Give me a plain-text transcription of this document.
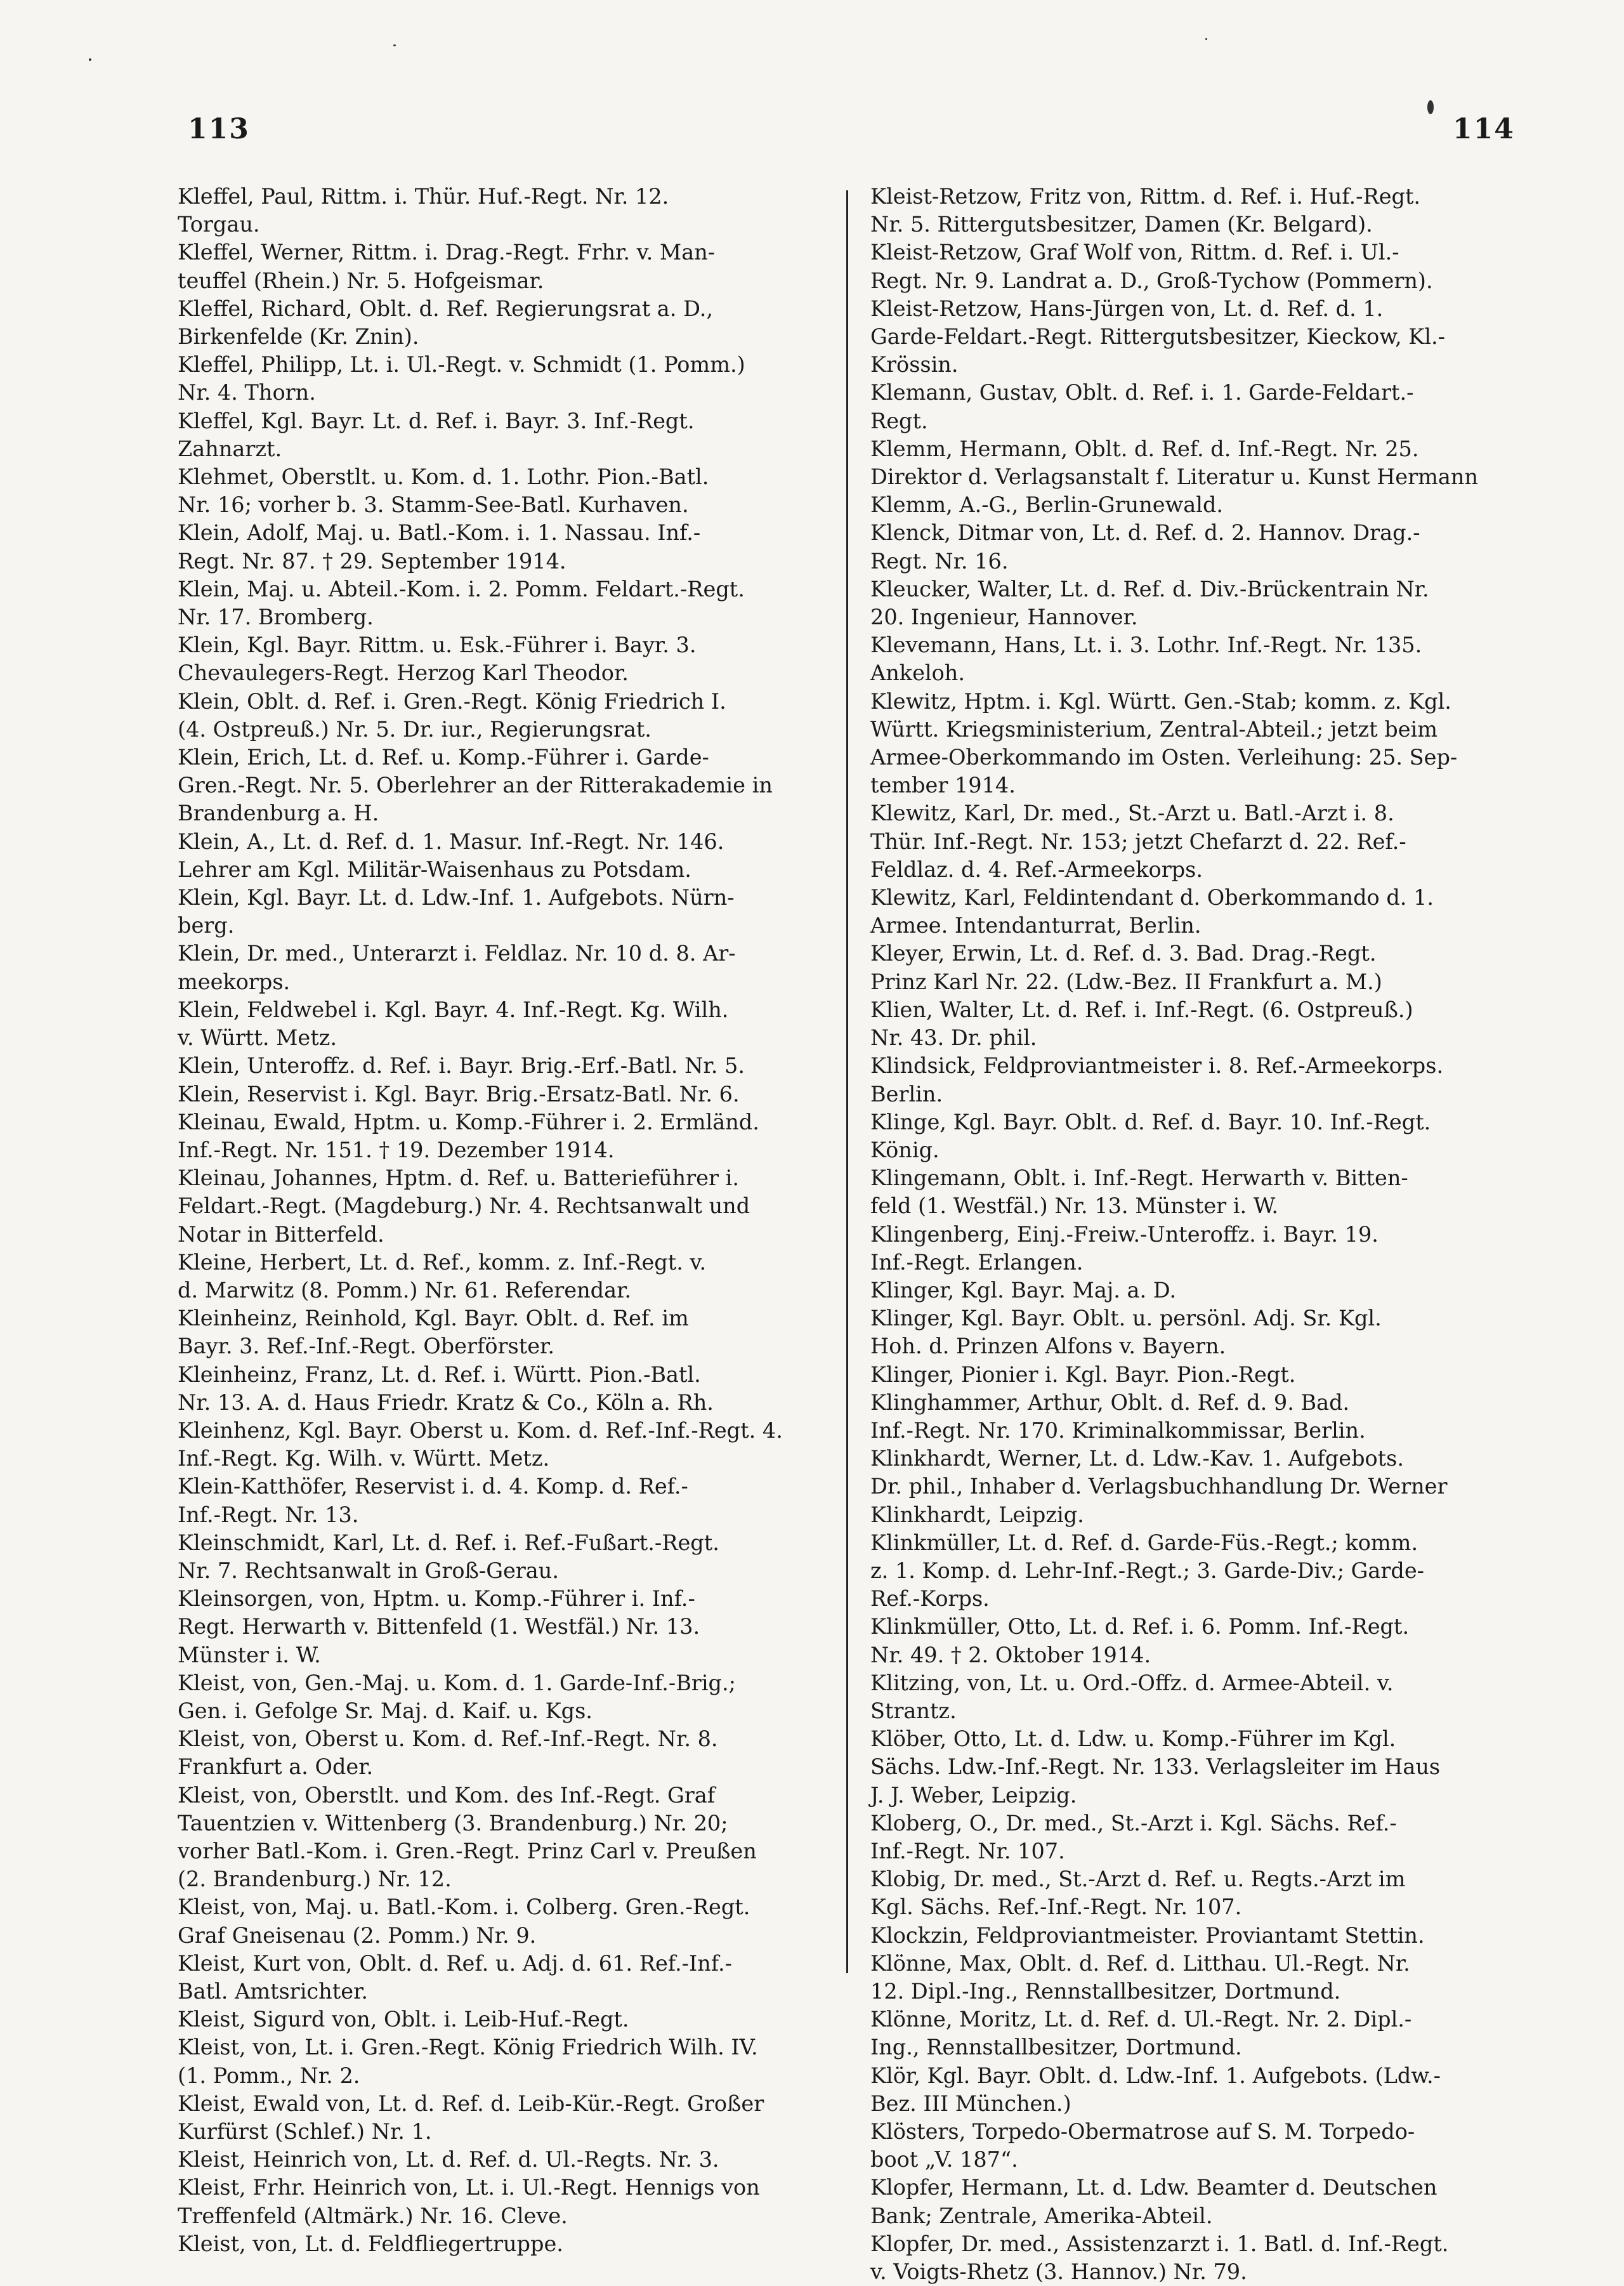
113	114
Kleffel, Paul, Rittm. i. Thür. Huf.-Regt. Nr. 12.
Torgau.
Kleffel, Werner, Rittm. i. Drag.-Regt. Frhr. v. Man-
teuffel (Rhein.) Nr. 5. Hofgeismar.
Kleffel, Richard, Oblt. d. Ref. Regierungsrat a. D.,
Birkenfelde (Kr. Znin).
Kleffel, Philipp, Lt. i. Ul.-Regt. v. Schmidt (1. Pomm.)
Nr. 4. Thorn.
Kleffel, Kgl. Bayr. Lt. d. Ref. i. Bayr. 3. Inf.-Regt.
Zahnarzt.
Klehmet, Oberstlt. u. Kom. d. 1. Lothr. Pion.-Batl.
Nr. 16; vorher b. 3. Stamm-See-Batl. Kurhaven.
Klein, Adolf, Maj. u. Batl.-Kom. i. 1. Nassau. Inf.-
Regt. Nr. 87. † 29. September 1914.
Klein, Maj. u. Abteil.-Kom. i. 2. Pomm. Feldart.-Regt.
Nr. 17. Bromberg.
Klein, Kgl. Bayr. Rittm. u. Esk.-Führer i. Bayr. 3.
Chevaulegers-Regt. Herzog Karl Theodor.
Klein, Oblt. d. Ref. i. Gren.-Regt. König Friedrich I.
(4. Ostpreuß.) Nr. 5. Dr. iur., Regierungsrat.
Klein, Erich, Lt. d. Ref. u. Komp.-Führer i. Garde-
Gren.-Regt. Nr. 5. Oberlehrer an der Ritterakademie in
Brandenburg a. H.
Klein, A., Lt. d. Ref. d. 1. Masur. Inf.-Regt. Nr. 146.
Lehrer am Kgl. Militär-Waisenhaus zu Potsdam.
Klein, Kgl. Bayr. Lt. d. Ldw.-Inf. 1. Aufgebots. Nürn-
berg.
Klein, Dr. med., Unterarzt i. Feldlaz. Nr. 10 d. 8. Ar-
meekorps.
Klein, Feldwebel i. Kgl. Bayr. 4. Inf.-Regt. Kg. Wilh.
v. Württ. Metz.
Klein, Unteroffz. d. Ref. i. Bayr. Brig.-Erf.-Batl. Nr. 5.
Klein, Reservist i. Kgl. Bayr. Brig.-Ersatz-Batl. Nr. 6.
Kleinau, Ewald, Hptm. u. Komp.-Führer i. 2. Ermländ.
Inf.-Regt. Nr. 151. † 19. Dezember 1914.
Kleinau, Johannes, Hptm. d. Ref. u. Batterieführer i.
Feldart.-Regt. (Magdeburg.) Nr. 4. Rechtsanwalt und
Notar in Bitterfeld.
Kleine, Herbert, Lt. d. Ref., komm. z. Inf.-Regt. v.
d. Marwitz (8. Pomm.) Nr. 61. Referendar.
Kleinheinz, Reinhold, Kgl. Bayr. Oblt. d. Ref. im
Bayr. 3. Ref.-Inf.-Regt. Oberförster.
Kleinheinz, Franz, Lt. d. Ref. i. Württ. Pion.-Batl.
Nr. 13. A. d. Haus Friedr. Kratz & Co., Köln a. Rh.
Kleinhenz, Kgl. Bayr. Oberst u. Kom. d. Ref.-Inf.-Regt. 4.
Inf.-Regt. Kg. Wilh. v. Württ. Metz.
Klein-Katthöfer, Reservist i. d. 4. Komp. d. Ref.-
Inf.-Regt. Nr. 13.
Kleinschmidt, Karl, Lt. d. Ref. i. Ref.-Fußart.-Regt.
Nr. 7. Rechtsanwalt in Groß-Gerau.
Kleinsorgen, von, Hptm. u. Komp.-Führer i. Inf.-
Regt. Herwarth v. Bittenfeld (1. Westfäl.) Nr. 13.
Münster i. W.
Kleist, von, Gen.-Maj. u. Kom. d. 1. Garde-Inf.-Brig.;
Gen. i. Gefolge Sr. Maj. d. Kaif. u. Kgs.
Kleist, von, Oberst u. Kom. d. Ref.-Inf.-Regt. Nr. 8.
Frankfurt a. Oder.
Kleist, von, Oberstlt. und Kom. des Inf.-Regt. Graf
Tauentzien v. Wittenberg (3. Brandenburg.) Nr. 20;
vorher Batl.-Kom. i. Gren.-Regt. Prinz Carl v. Preußen
(2. Brandenburg.) Nr. 12.
Kleist, von, Maj. u. Batl.-Kom. i. Colberg. Gren.-Regt.
Graf Gneisenau (2. Pomm.) Nr. 9.
Kleist, Kurt von, Oblt. d. Ref. u. Adj. d. 61. Ref.-Inf.-
Batl. Amtsrichter.
Kleist, Sigurd von, Oblt. i. Leib-Huf.-Regt.
Kleist, von, Lt. i. Gren.-Regt. König Friedrich Wilh. IV.
(1. Pomm., Nr. 2.
Kleist, Ewald von, Lt. d. Ref. d. Leib-Kür.-Regt. Großer
Kurfürst (Schlef.) Nr. 1.
Kleist, Heinrich von, Lt. d. Ref. d. Ul.-Regts. Nr. 3.
Kleist, Frhr. Heinrich von, Lt. i. Ul.-Regt. Hennigs von
Treffenfeld (Altmärk.) Nr. 16. Cleve.
Kleist, von, Lt. d. Feldfliegertruppe.
Kleist-Retzow, Fritz von, Rittm. d. Ref. i. Huf.-Regt.
Nr. 5. Rittergutsbesitzer, Damen (Kr. Belgard).
Kleist-Retzow, Graf Wolf von, Rittm. d. Ref. i. Ul.-
Regt. Nr. 9. Landrat a. D., Groß-Tychow (Pommern).
Kleist-Retzow, Hans-Jürgen von, Lt. d. Ref. d. 1.
Garde-Feldart.-Regt. Rittergutsbesitzer, Kieckow, Kl.-
Krössin.
Klemann, Gustav, Oblt. d. Ref. i. 1. Garde-Feldart.-
Regt.
Klemm, Hermann, Oblt. d. Ref. d. Inf.-Regt. Nr. 25.
Direktor d. Verlagsanstalt f. Literatur u. Kunst Hermann
Klemm, A.-G., Berlin-Grunewald.
Klenck, Ditmar von, Lt. d. Ref. d. 2. Hannov. Drag.-
Regt. Nr. 16.
Kleucker, Walter, Lt. d. Ref. d. Div.-Brückentrain Nr.
20. Ingenieur, Hannover.
Klevemann, Hans, Lt. i. 3. Lothr. Inf.-Regt. Nr. 135.
Ankeloh.
Klewitz, Hptm. i. Kgl. Württ. Gen.-Stab; komm. z. Kgl.
Württ. Kriegsministerium, Zentral-Abteil.; jetzt beim
Armee-Oberkommando im Osten. Verleihung: 25. Sep-
tember 1914.
Klewitz, Karl, Dr. med., St.-Arzt u. Batl.-Arzt i. 8.
Thür. Inf.-Regt. Nr. 153; jetzt Chefarzt d. 22. Ref.-
Feldlaz. d. 4. Ref.-Armeekorps.
Klewitz, Karl, Feldintendant d. Oberkommando d. 1.
Armee. Intendanturrat, Berlin.
Kleyer, Erwin, Lt. d. Ref. d. 3. Bad. Drag.-Regt.
Prinz Karl Nr. 22. (Ldw.-Bez. II Frankfurt a. M.)
Klien, Walter, Lt. d. Ref. i. Inf.-Regt. (6. Ostpreuß.)
Nr. 43. Dr. phil.
Klindsick, Feldproviantmeister i. 8. Ref.-Armeekorps.
Berlin.
Klinge, Kgl. Bayr. Oblt. d. Ref. d. Bayr. 10. Inf.-Regt.
König.
Klingemann, Oblt. i. Inf.-Regt. Herwarth v. Bitten-
feld (1. Westfäl.) Nr. 13. Münster i. W.
Klingenberg, Einj.-Freiw.-Unteroffz. i. Bayr. 19.
Inf.-Regt. Erlangen.
Klinger, Kgl. Bayr. Maj. a. D.
Klinger, Kgl. Bayr. Oblt. u. persönl. Adj. Sr. Kgl.
Hoh. d. Prinzen Alfons v. Bayern.
Klinger, Pionier i. Kgl. Bayr. Pion.-Regt.
Klinghammer, Arthur, Oblt. d. Ref. d. 9. Bad.
Inf.-Regt. Nr. 170. Kriminalkommissar, Berlin.
Klinkhardt, Werner, Lt. d. Ldw.-Kav. 1. Aufgebots.
Dr. phil., Inhaber d. Verlagsbuchhandlung Dr. Werner
Klinkhardt, Leipzig.
Klinkmüller, Lt. d. Ref. d. Garde-Füs.-Regt.; komm.
z. 1. Komp. d. Lehr-Inf.-Regt.; 3. Garde-Div.; Garde-
Ref.-Korps.
Klinkmüller, Otto, Lt. d. Ref. i. 6. Pomm. Inf.-Regt.
Nr. 49. † 2. Oktober 1914.
Klitzing, von, Lt. u. Ord.-Offz. d. Armee-Abteil. v.
Strantz.
Klöber, Otto, Lt. d. Ldw. u. Komp.-Führer im Kgl.
Sächs. Ldw.-Inf.-Regt. Nr. 133. Verlagsleiter im Haus
J. J. Weber, Leipzig.
Kloberg, O., Dr. med., St.-Arzt i. Kgl. Sächs. Ref.-
Inf.-Regt. Nr. 107.
Klobig, Dr. med., St.-Arzt d. Ref. u. Regts.-Arzt im
Kgl. Sächs. Ref.-Inf.-Regt. Nr. 107.
Klockzin, Feldproviantmeister. Proviantamt Stettin.
Klönne, Max, Oblt. d. Ref. d. Litthau. Ul.-Regt. Nr.
12. Dipl.-Ing., Rennstallbesitzer, Dortmund.
Klönne, Moritz, Lt. d. Ref. d. Ul.-Regt. Nr. 2. Dipl.-
Ing., Rennstallbesitzer, Dortmund.
Klör, Kgl. Bayr. Oblt. d. Ldw.-Inf. 1. Aufgebots. (Ldw.-
Bez. III München.)
Klösters, Torpedo-Obermatrose auf S. M. Torpedo-
boot „V. 187“.
Klopfer, Hermann, Lt. d. Ldw. Beamter d. Deutschen
Bank; Zentrale, Amerika-Abteil.
Klopfer, Dr. med., Assistenzarzt i. 1. Batl. d. Inf.-Regt.
v. Voigts-Rhetz (3. Hannov.) Nr. 79.
